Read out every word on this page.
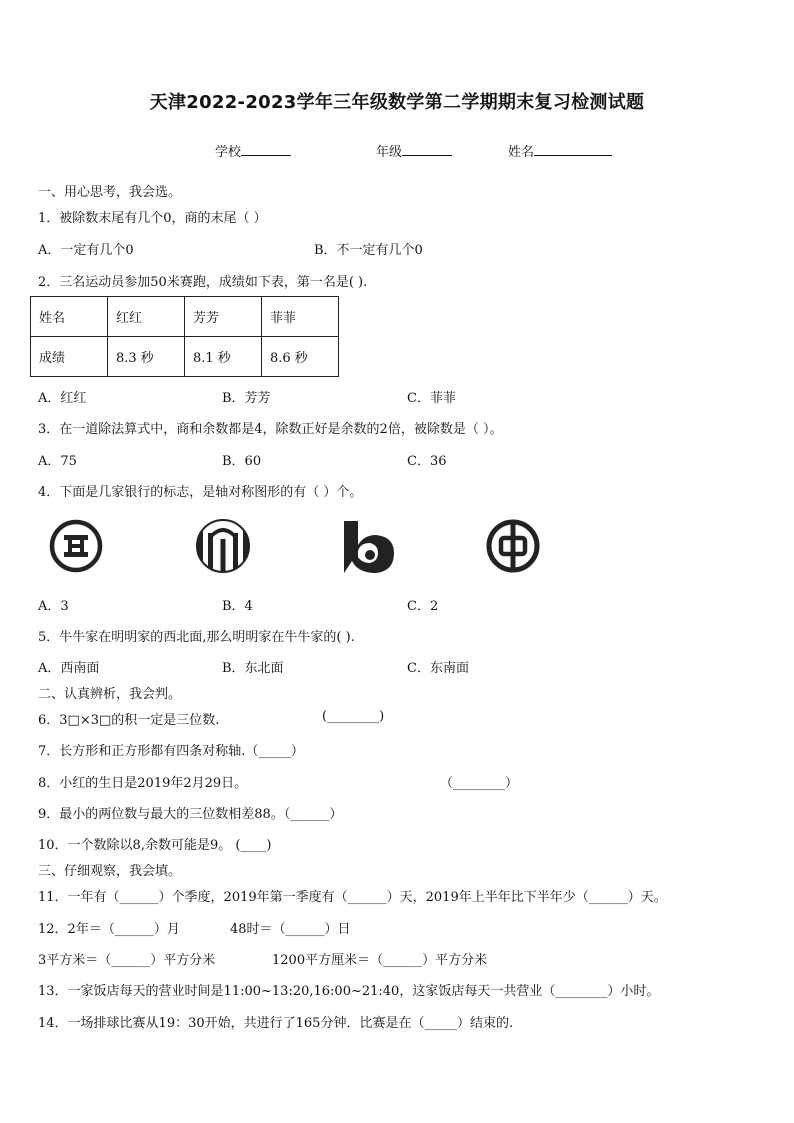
天津2022-2023学年三年级数学第二学期期末复习检测试题
学校	年级	姓名
一、用心思考，我会选。
1．被除数末尾有几个0，商的末尾（ ）
A．一定有几个0	B．不一定有几个0
2．三名运动员参加50米赛跑，成绩如下表，第一名是( ).
姓名	红红	芳芳	菲菲
成绩	8.3 秒	8.1 秒	8.6 秒
A．红红	B．芳芳	C．菲菲
3．在一道除法算式中，商和余数都是4，除数正好是余数的2倍，被除数是（ ）。
A．75	B．60	C．36
4．下面是几家银行的标志，是轴对称图形的有（ ）个。
A．3	B．4	C．2
5．牛牛家在明明家的西北面,那么明明家在牛牛家的( ).
A．西南面	B．东北面	C．东南面
二、认真辨析，我会判。
6．3□×3□的积一定是三位数.	(________)
7．长方形和正方形都有四条对称轴.（_____）
8．小红的生日是2019年2月29日。	（________）
9．最小的两位数与最大的三位数相差88。（______）
10．一个数除以8,余数可能是9。 (____)
三、仔细观察，我会填。
11．一年有（______）个季度，2019年第一季度有（______）天，2019年上半年比下半年少（______）天。
12．2年＝（______）月	48时＝（______）日
3平方米＝（______）平方分米	1200平方厘米＝（______）平方分米
13．一家饭店每天的营业时间是11:00~13:20,16:00~21:40，这家饭店每天一共营业（________）小时。
14．一场排球比赛从19：30开始，共进行了165分钟．比赛是在（_____）结束的.
